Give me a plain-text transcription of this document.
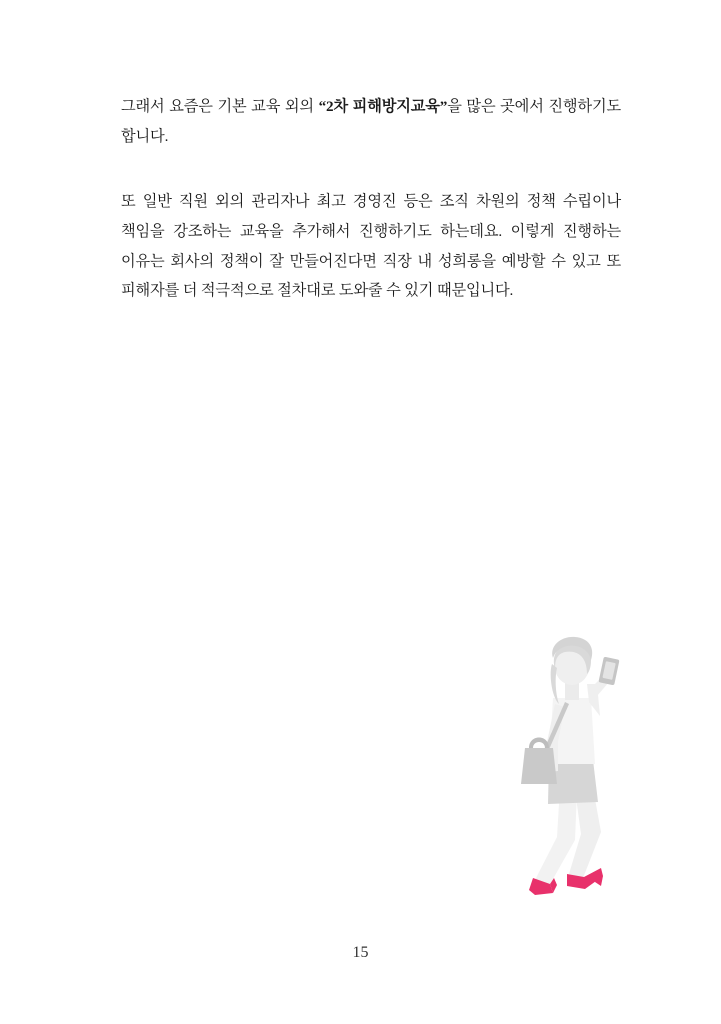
그래서 요즘은 기본 교육 외의 “2차 피해방지교육”을 많은 곳에서 진행하기도 합니다.

또 일반 직원 외의 관리자나 최고 경영진 등은 조직 차원의 정책 수립이나 책임을 강조하는 교육을 추가해서 진행하기도 하는데요. 이렇게 진행하는 이유는 회사의 정책이 잘 만들어진다면 직장 내 성희롱을 예방할 수 있고 또 피해자를 더 적극적으로 절차대로 도와줄 수 있기 때문입니다.

15
